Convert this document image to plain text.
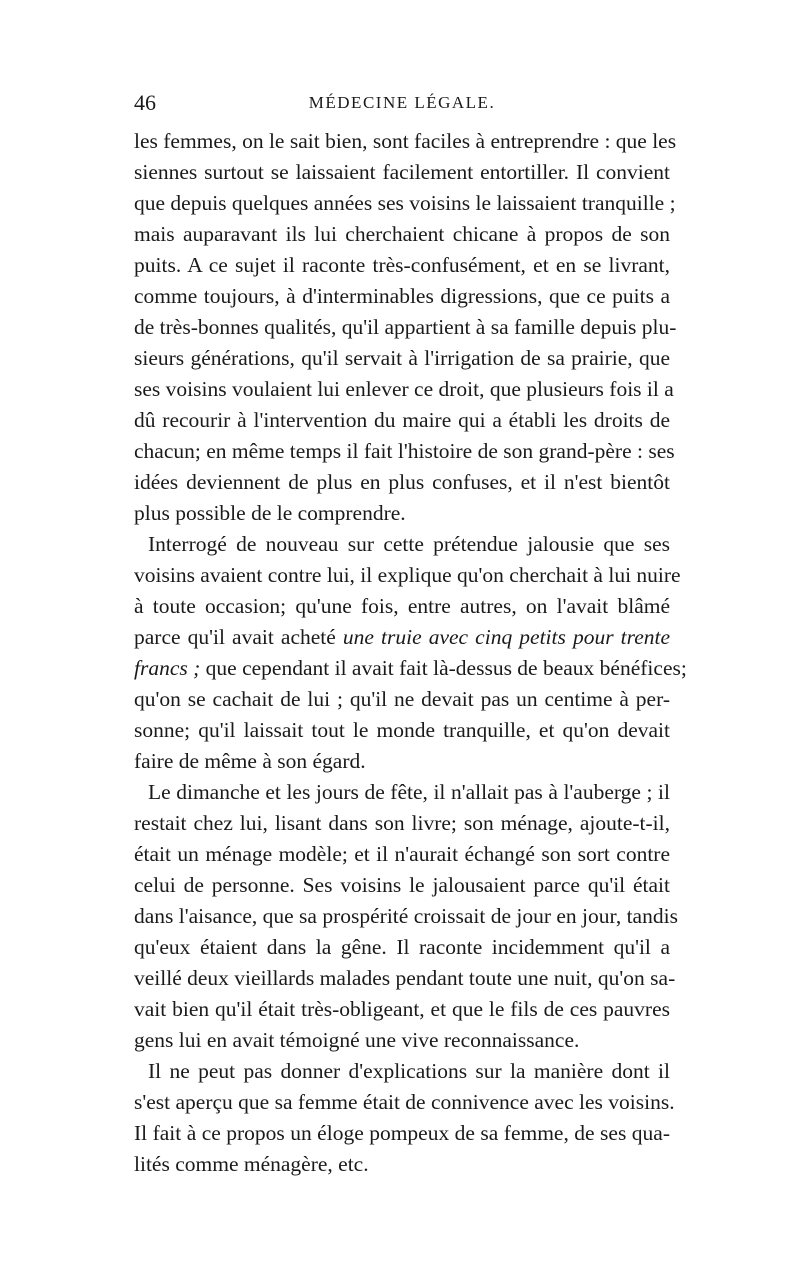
46	MÉDECINE LÉGALE.
les femmes, on le sait bien, sont faciles à entreprendre : que les
siennes surtout se laissaient facilement entortiller. Il convient
que depuis quelques années ses voisins le laissaient tranquille ;
mais auparavant ils lui cherchaient chicane à propos de son
puits. A ce sujet il raconte très-confusément, et en se livrant,
comme toujours, à d'interminables digressions, que ce puits a
de très-bonnes qualités, qu'il appartient à sa famille depuis plu-
sieurs générations, qu'il servait à l'irrigation de sa prairie, que
ses voisins voulaient lui enlever ce droit, que plusieurs fois il a
dû recourir à l'intervention du maire qui a établi les droits de
chacun; en même temps il fait l'histoire de son grand-père : ses
idées deviennent de plus en plus confuses, et il n'est bientôt
plus possible de le comprendre.
Interrogé de nouveau sur cette prétendue jalousie que ses
voisins avaient contre lui, il explique qu'on cherchait à lui nuire
à toute occasion; qu'une fois, entre autres, on l'avait blâmé
parce qu'il avait acheté une truie avec cinq petits pour trente
francs ; que cependant il avait fait là-dessus de beaux bénéfices;
qu'on se cachait de lui ; qu'il ne devait pas un centime à per-
sonne; qu'il laissait tout le monde tranquille, et qu'on devait
faire de même à son égard.
Le dimanche et les jours de fête, il n'allait pas à l'auberge ; il
restait chez lui, lisant dans son livre; son ménage, ajoute-t-il,
était un ménage modèle; et il n'aurait échangé son sort contre
celui de personne. Ses voisins le jalousaient parce qu'il était
dans l'aisance, que sa prospérité croissait de jour en jour, tandis
qu'eux étaient dans la gêne. Il raconte incidemment qu'il a
veillé deux vieillards malades pendant toute une nuit, qu'on sa-
vait bien qu'il était très-obligeant, et que le fils de ces pauvres
gens lui en avait témoigné une vive reconnaissance.
Il ne peut pas donner d'explications sur la manière dont il
s'est aperçu que sa femme était de connivence avec les voisins.
Il fait à ce propos un éloge pompeux de sa femme, de ses qua-
lités comme ménagère, etc.
